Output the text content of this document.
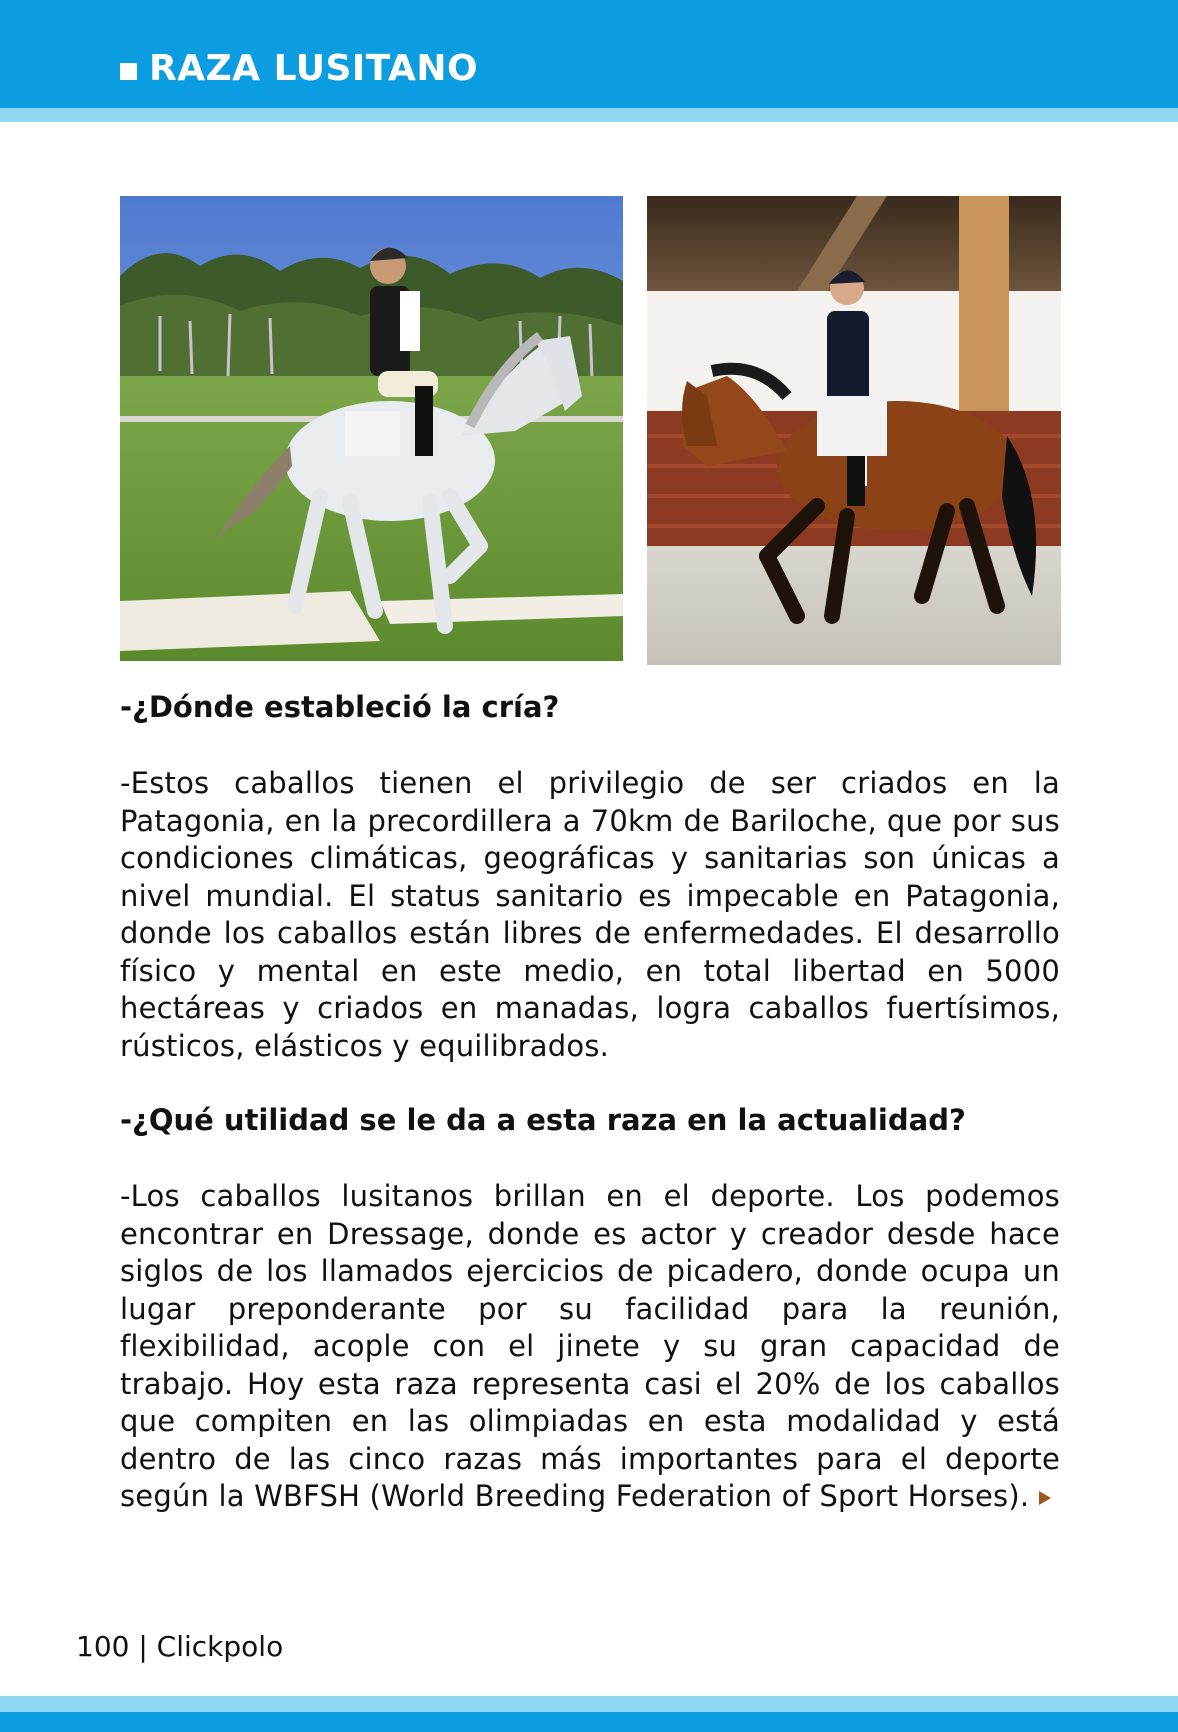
RAZA LUSITANO

-¿Dónde estableció la cría?

-Estos caballos tienen el privilegio de ser criados en la Patagonia, en la precordillera a 70km de Bariloche, que por sus condiciones climáticas, geográficas y sanitarias son únicas a nivel mundial. El status sanitario es impecable en Patagonia, donde los caballos están libres de enfermedades. El desarrollo físico y mental en este medio, en total libertad en 5000 hectáreas y criados en manadas, logra caballos fuertísimos, rústicos, elásticos y equilibrados.

-¿Qué utilidad se le da a esta raza en la actualidad?

-Los caballos lusitanos brillan en el deporte. Los podemos encontrar en Dressage, donde es actor y creador desde hace siglos de los llamados ejercicios de picadero, donde ocupa un lugar preponderante por su facilidad para la reunión, flexibilidad, acople con el jinete y su gran capacidad de trabajo. Hoy esta raza representa casi el 20% de los caballos que compiten en las olimpiadas en esta modalidad y está dentro de las cinco razas más importantes para el deporte según la WBFSH (World Breeding Federation of Sport Horses).

100 | Clickpolo
